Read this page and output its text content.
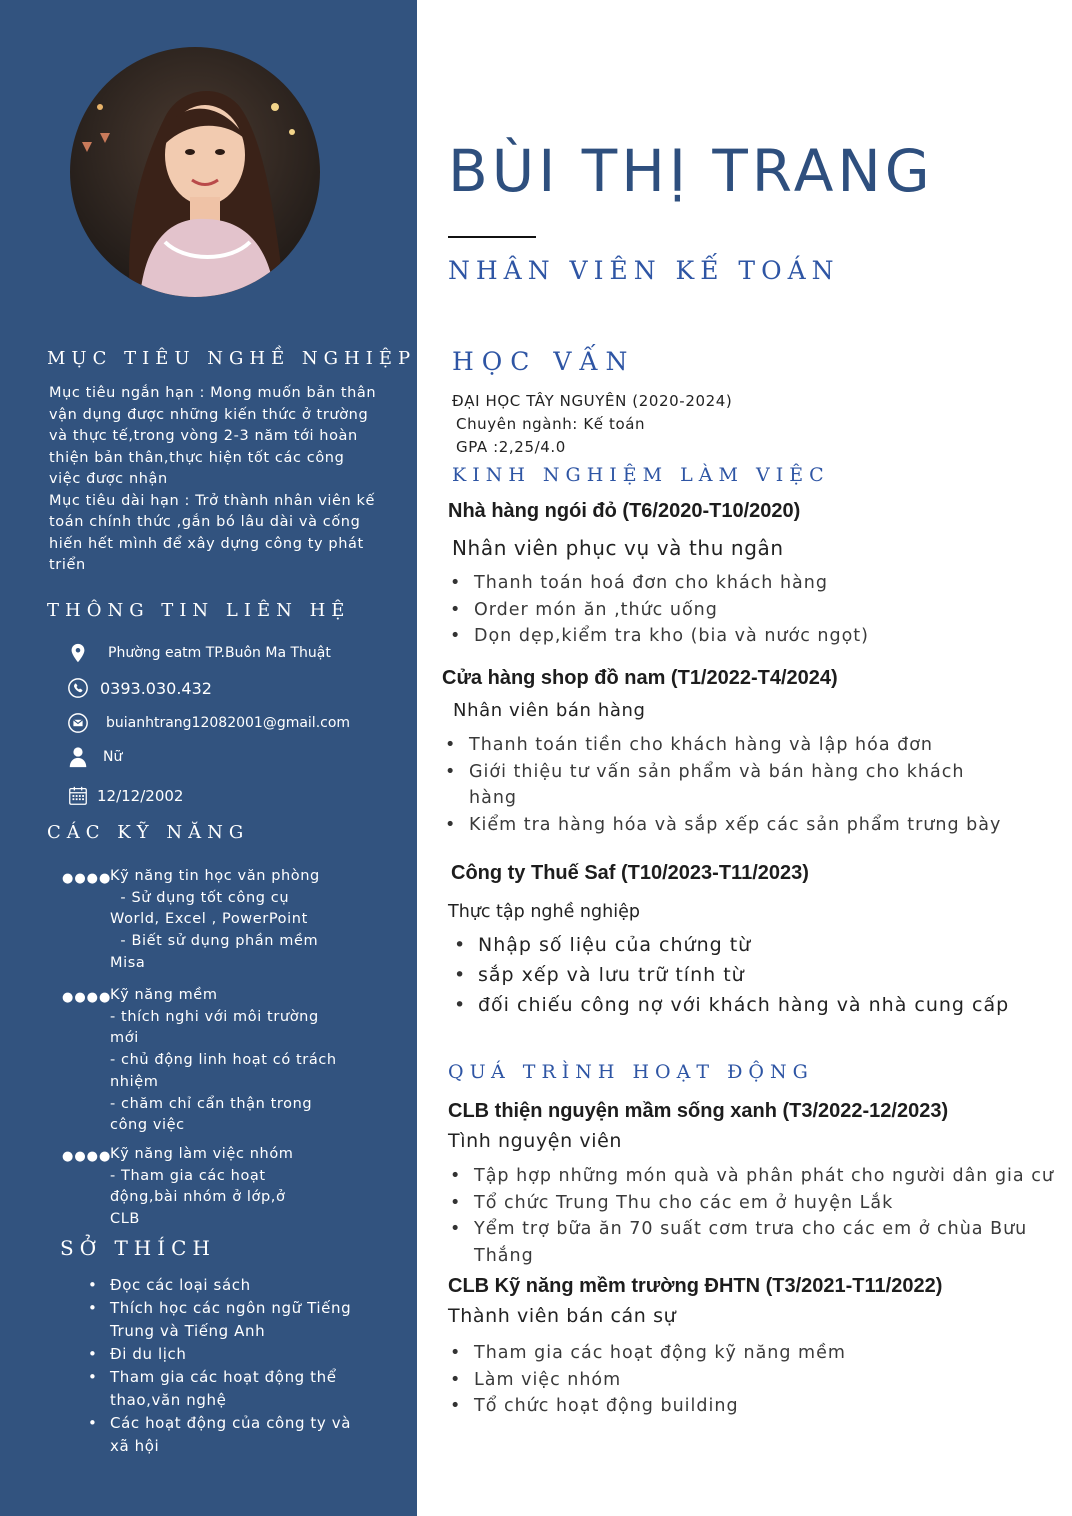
MỤC TIÊU NGHỀ NGHIỆP

Mục tiêu ngắn hạn : Mong muốn bản thân vận dụng được những kiến thức ở trường và thực tế,trong vòng 2-3 năm tới hoàn thiện bản thân,thực hiện tốt các công việc được nhận

Mục tiêu dài hạn : Trở thành nhân viên kế toán chính thức ,gắn bó lâu dài và cống hiến hết mình để xây dựng công ty phát triển

THÔNG TIN LIÊN HỆ
Phường eatm TP.Buôn Ma Thuật
0393.030.432
buianhtrang12082001@gmail.com
Nữ
12/12/2002
CÁC KỸ NĂNG
●●●●
Kỹ năng tin học văn phòng
- Sử dụng tốt công cụ
World, Excel , PowerPoint
- Biết sử dụng phần mềm
Misa
●●●●
Kỹ năng mềm
- thích nghi với môi trường
mới
- chủ động linh hoạt có trách
nhiệm
- chăm chỉ cẩn thận trong
công việc
●●●●
Kỹ năng làm việc nhóm
- Tham gia các hoạt
động,bài nhóm ở lớp,ở
CLB
SỞ THÍCH
• Đọc các loại sách
• Thích học các ngôn ngữ Tiếng Trung và Tiếng Anh
• Đi du lịch
• Tham gia các hoạt động thể thao,văn nghệ
• Các hoạt động của công ty và xã hội
BÙI THỊ TRANG
NHÂN VIÊN KẾ TOÁN
HỌC VẤN
ĐẠI HỌC TÂY NGUYÊN (2020-2024)
Chuyên ngành: Kế toán
GPA :2,25/4.0
KINH NGHIỆM LÀM VIỆC
Nhà hàng ngói đỏ (T6/2020-T10/2020)
Nhân viên phục vụ và thu ngân
• Thanh toán hoá đơn cho khách hàng
• Order món ăn ,thức uống
• Dọn dẹp,kiểm tra kho (bia và nước ngọt)
Cửa hàng shop đồ nam (T1/2022-T4/2024)
Nhân viên bán hàng
• Thanh toán tiền cho khách hàng và lập hóa đơn
• Giới thiệu tư vấn sản phẩm và bán hàng cho khách hàng
• Kiểm tra hàng hóa và sắp xếp các sản phẩm trưng bày
Công ty Thuế Saf (T10/2023-T11/2023)
Thực tập nghề nghiệp
• Nhập số liệu của chứng từ
• sắp xếp và lưu trữ tính từ
• đối chiếu công nợ với khách hàng và nhà cung cấp
QUÁ TRÌNH HOẠT ĐỘNG
CLB thiện nguyện mầm sống xanh (T3/2022-12/2023)
Tình nguyện viên
• Tập hợp những món quà và phân phát cho người dân gia cư
• Tổ chức Trung Thu cho các em ở huyện Lắk
• Yểm trợ bữa ăn 70 suất cơm trưa cho các em ở chùa Bưu Thắng
CLB Kỹ năng mềm trường ĐHTN (T3/2021-T11/2022)
Thành viên bán cán sự
• Tham gia các hoạt động kỹ năng mềm
• Làm việc nhóm
• Tổ chức hoạt động building
